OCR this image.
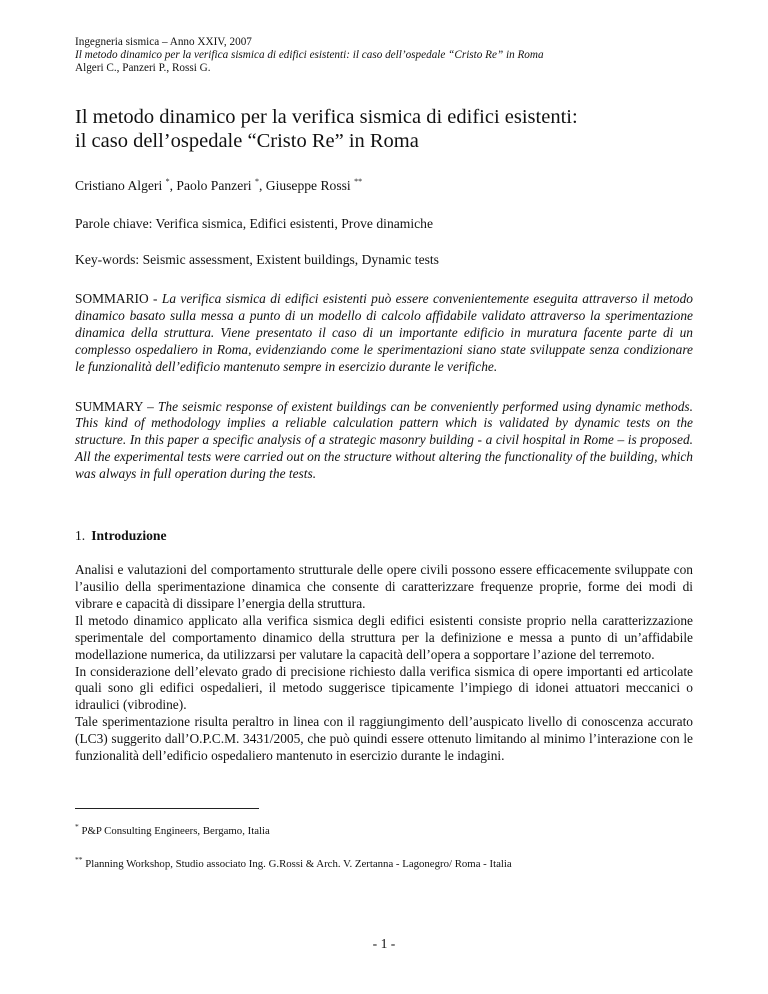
Ingegneria sismica – Anno XXIV, 2007

Il metodo dinamico per la verifica sismica di edifici esistenti: il caso dell’ospedale “Cristo Re” in Roma

Algeri C., Panzeri P., Rossi G.

Il metodo dinamico per la verifica sismica di edifici esistenti:
il caso dell’ospedale “Cristo Re” in Roma

Cristiano Algeri *, Paolo Panzeri *, Giuseppe Rossi **

Parole chiave: Verifica sismica, Edifici esistenti, Prove dinamiche

Key-words: Seismic assessment, Existent buildings, Dynamic tests

SOMMARIO - La verifica sismica di edifici esistenti può essere convenientemente eseguita attraverso il metodo dinamico basato sulla messa a punto di un modello di calcolo affidabile validato attraverso la sperimentazione dinamica della struttura. Viene presentato il caso di un importante edificio in muratura facente parte di un complesso ospedaliero in Roma, evidenziando come le sperimentazioni siano state sviluppate senza condizionare le funzionalità dell’edificio mantenuto sempre in esercizio durante le verifiche.

SUMMARY – The seismic response of existent buildings can be conveniently performed using dynamic methods. This kind of methodology implies a reliable calculation pattern which is validated by dynamic tests on the structure. In this paper a specific analysis of a strategic masonry building - a civil hospital in Rome – is proposed. All the experimental tests were carried out on the structure without altering the functionality of the building, which was always in full operation during the tests.

1. Introduzione

Analisi e valutazioni del comportamento strutturale delle opere civili possono essere efficacemente sviluppate con l’ausilio della sperimentazione dinamica che consente di caratterizzare frequenze proprie, forme dei modi di vibrare e capacità di dissipare l’energia della struttura.

Il metodo dinamico applicato alla verifica sismica degli edifici esistenti consiste proprio nella caratterizzazione sperimentale del comportamento dinamico della struttura per la definizione e messa a punto di un’affidabile modellazione numerica, da utilizzarsi per valutare la capacità dell’opera a sopportare l’azione del terremoto.

In considerazione dell’elevato grado di precisione richiesto dalla verifica sismica di opere importanti ed articolate quali sono gli edifici ospedalieri, il metodo suggerisce tipicamente l’impiego di idonei attuatori meccanici o idraulici (vibrodine).

Tale sperimentazione risulta peraltro in linea con il raggiungimento dell’auspicato livello di conoscenza accurato (LC3) suggerito dall’O.P.C.M. 3431/2005, che può quindi essere ottenuto limitando al minimo l’interazione con le funzionalità dell’edificio ospedaliero mantenuto in esercizio durante le indagini.

* P&P Consulting Engineers, Bergamo, Italia
** Planning Workshop, Studio associato Ing. G.Rossi & Arch. V. Zertanna - Lagonegro/ Roma - Italia
- 1 -
